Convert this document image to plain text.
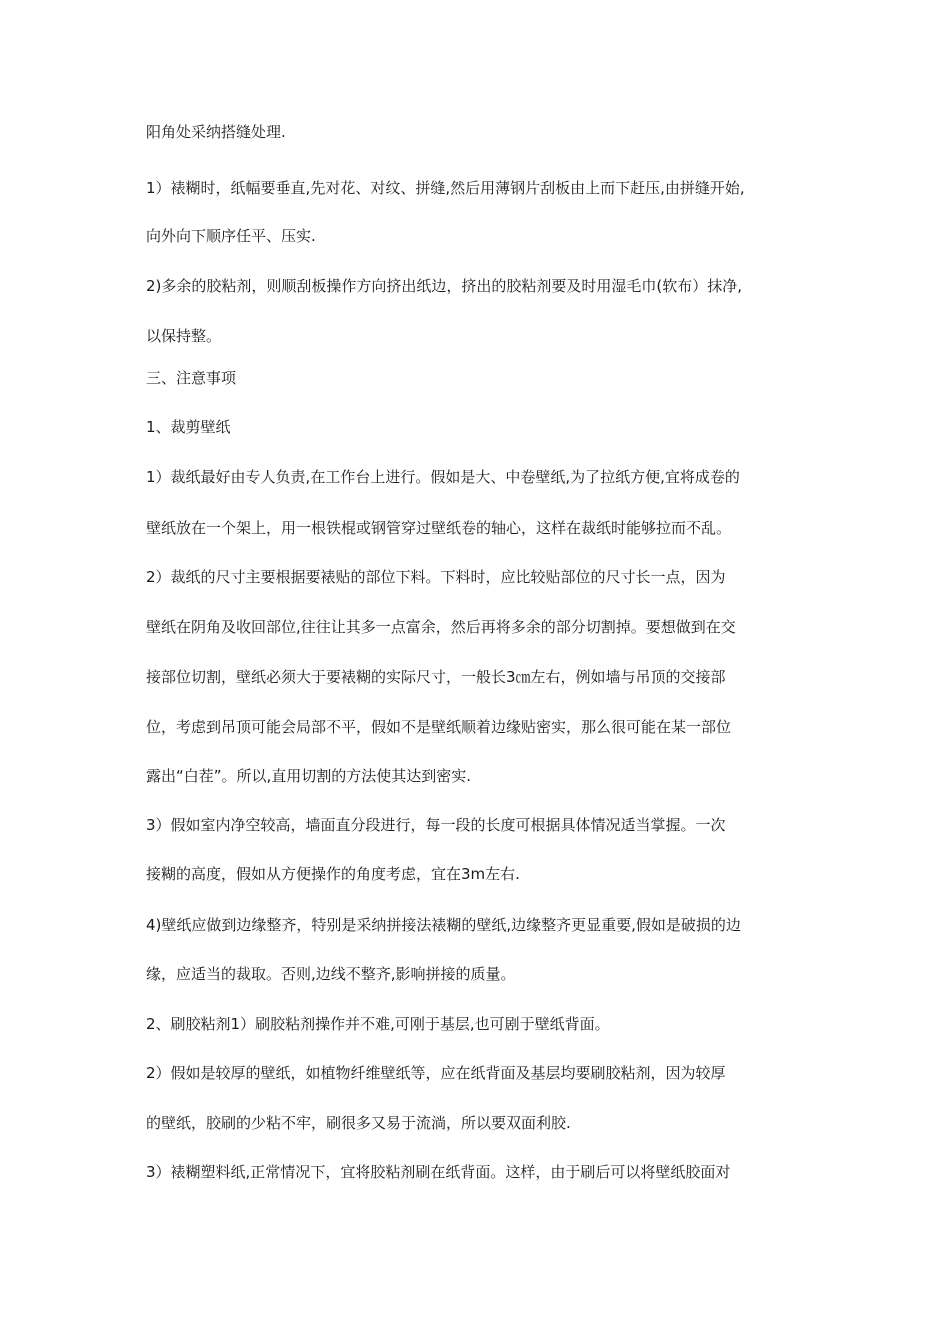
阳角处采纳搭缝处理.
1）裱糊时，纸幅要垂直,先对花、对纹、拼缝,然后用薄钢片刮板由上而下赶压,由拼缝开始,
向外向下顺序任平、压实.
2)多余的胶粘剂，则顺刮板操作方向挤出纸边，挤出的胶粘剂要及时用湿毛巾(软布）抹净,
以保持整。
三、注意事项
1、裁剪壁纸
1）裁纸最好由专人负责,在工作台上进行。假如是大、中卷壁纸,为了拉纸方便,宜将成卷的
壁纸放在一个架上，用一根铁棍或钢管穿过壁纸卷的轴心，这样在裁纸时能够拉而不乱。
2）裁纸的尺寸主要根据要裱贴的部位下料。下料时，应比较贴部位的尺寸长一点，因为
壁纸在阴角及收回部位,往往让其多一点富余，然后再将多余的部分切割掉。要想做到在交
接部位切割，壁纸必须大于要裱糊的实际尺寸，一般长3㎝左右，例如墙与吊顶的交接部
位，考虑到吊顶可能会局部不平，假如不是壁纸顺着边缘贴密实，那么很可能在某一部位
露出“白茬”。所以,直用切割的方法使其达到密实.
3）假如室内净空较高，墙面直分段进行，每一段的长度可根据具体情况适当掌握。一次
接糊的高度，假如从方便操作的角度考虑，宜在3m左右.
4)壁纸应做到边缘整齐，特别是采纳拼接法裱糊的壁纸,边缘整齐更显重要,假如是破损的边
缘，应适当的裁取。否则,边线不整齐,影响拼接的质量。
2、刷胶粘剂1）刷胶粘剂操作并不难,可刚于基层,也可剧于壁纸背面。
2）假如是较厚的壁纸，如植物纤维壁纸等，应在纸背面及基层均要刷胶粘剂，因为较厚
的壁纸，胶刷的少粘不牢，刷很多又易于流淌，所以要双面利胶.
3）裱糊塑料纸,正常情况下，宜将胶粘剂刷在纸背面。这样，由于刷后可以将壁纸胶面对
